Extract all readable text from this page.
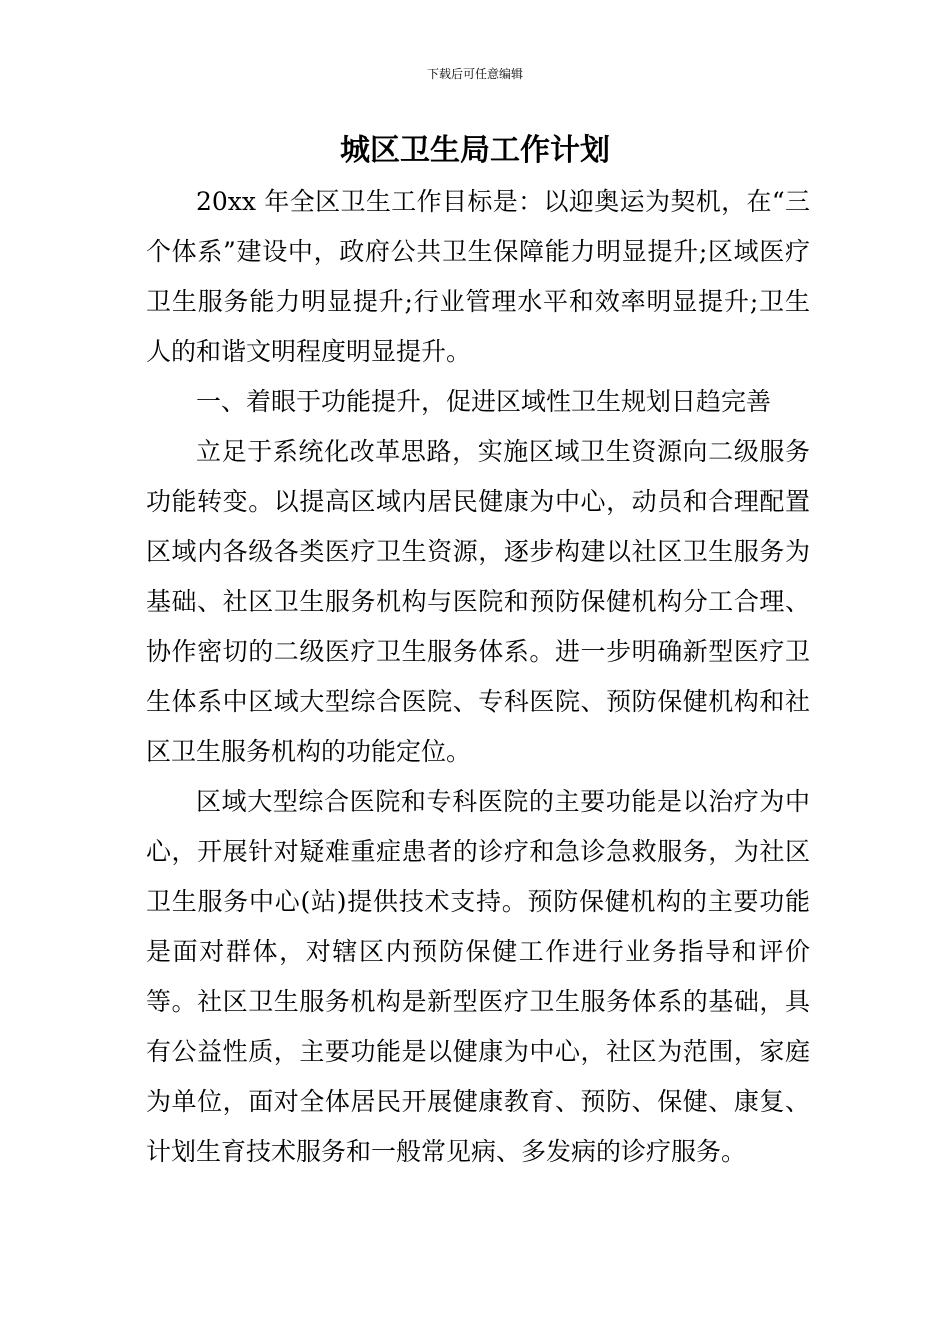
下载后可任意编辑
城区卫生局工作计划

20xx 年全区卫生工作目标是：以迎奥运为契机，在“三个体系”建设中，政府公共卫生保障能力明显提升;区域医疗卫生服务能力明显提升;行业管理水平和效率明显提升;卫生人的和谐文明程度明显提升。

一、着眼于功能提升，促进区域性卫生规划日趋完善

立足于系统化改革思路，实施区域卫生资源向二级服务功能转变。以提高区域内居民健康为中心，动员和合理配置区域内各级各类医疗卫生资源，逐步构建以社区卫生服务为基础、社区卫生服务机构与医院和预防保健机构分工合理、协作密切的二级医疗卫生服务体系。进一步明确新型医疗卫生体系中区域大型综合医院、专科医院、预防保健机构和社区卫生服务机构的功能定位。

区域大型综合医院和专科医院的主要功能是以治疗为中心，开展针对疑难重症患者的诊疗和急诊急救服务，为社区卫生服务中心(站)提供技术支持。预防保健机构的主要功能是面对群体，对辖区内预防保健工作进行业务指导和评价等。社区卫生服务机构是新型医疗卫生服务体系的基础，具有公益性质，主要功能是以健康为中心，社区为范围，家庭为单位，面对全体居民开展健康教育、预防、保健、康复、计划生育技术服务和一般常见病、多发病的诊疗服务。
